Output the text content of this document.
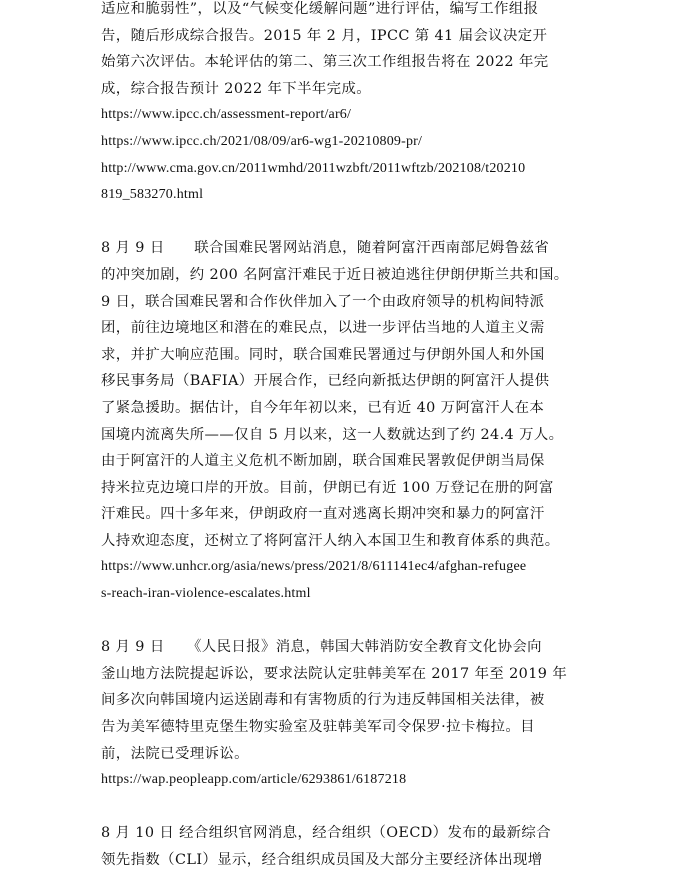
适应和脆弱性”，以及“气候变化缓解问题”进行评估，编写工作组报
告，随后形成综合报告。2015 年 2 月，IPCC 第 41 届会议决定开
始第六次评估。本轮评估的第二、第三次工作组报告将在 2022 年完
成，综合报告预计 2022 年下半年完成。
https://www.ipcc.ch/assessment-report/ar6/
https://www.ipcc.ch/2021/08/09/ar6-wg1-20210809-pr/
http://www.cma.gov.cn/2011wmhd/2011wzbft/2011wftzb/202108/t20210
819_583270.html
8 月 9 日　　联合国难民署网站消息，随着阿富汗西南部尼姆鲁兹省
的冲突加剧，约 200 名阿富汗难民于近日被迫逃往伊朗伊斯兰共和国。
9 日，联合国难民署和合作伙伴加入了一个由政府领导的机构间特派
团，前往边境地区和潜在的难民点，以进一步评估当地的人道主义需
求，并扩大响应范围。同时，联合国难民署通过与伊朗外国人和外国
移民事务局（BAFIA）开展合作，已经向新抵达伊朗的阿富汗人提供
了紧急援助。据估计，自今年年初以来，已有近 40 万阿富汗人在本
国境内流离失所——仅自 5 月以来，这一人数就达到了约 24.4 万人。
由于阿富汗的人道主义危机不断加剧，联合国难民署敦促伊朗当局保
持米拉克边境口岸的开放。目前，伊朗已有近 100 万登记在册的阿富
汗难民。四十多年来，伊朗政府一直对逃离长期冲突和暴力的阿富汗
人持欢迎态度，还树立了将阿富汗人纳入本国卫生和教育体系的典范。
https://www.unhcr.org/asia/news/press/2021/8/611141ec4/afghan-refugee
s-reach-iran-violence-escalates.html
8 月 9 日　　《人民日报》消息，韩国大韩消防安全教育文化协会向
釜山地方法院提起诉讼，要求法院认定驻韩美军在 2017 年至 2019 年
间多次向韩国境内运送剧毒和有害物质的行为违反韩国相关法律，被
告为美军德特里克堡生物实验室及驻韩美军司令保罗·拉卡梅拉。目
前，法院已受理诉讼。
https://wap.peopleapp.com/article/6293861/6187218
8 月 10 日 经合组织官网消息，经合组织（OECD）发布的最新综合
领先指数（CLI）显示，经合组织成员国及大部分主要经济体出现增
